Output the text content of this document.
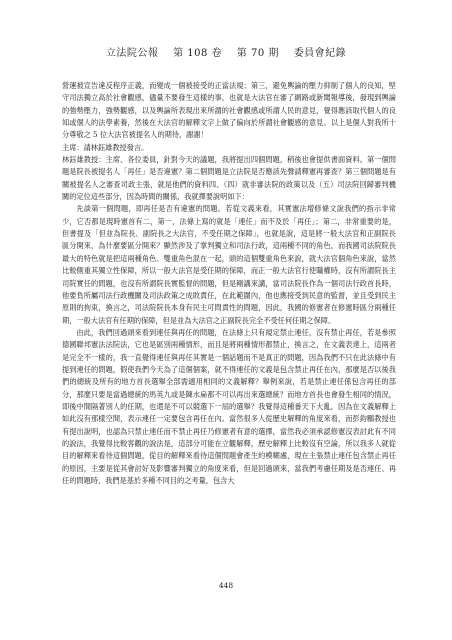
立法院公報 第 108 卷 第 70 期 委員會紀錄

營運被宣告違反程序正義，而變成一個被接受的正當法規；第三，避免輿論的壓力抑制了個人的良知，堅守司法獨立高於社會觀感，儘量不要發生這樣的事，也就是大法官在審了網路或新聞報導後，發現到輿論的強勢壓力，強勢觀感，以及輿論所表現出來所謂的社會觀感或所謂人民的意見，覺得應該取代個人的良知或個人的法學素養，然後在大法官的解釋文字上做了偏向於所謂社會觀感的意見。以上是個人對我所十分尊敬之 5 位大法官被提名人的期待，謝謝！

主席：請林鈺雄教授發言。

林鈺雄教授：主席、各位委員，針對今天的議題，我將提出四個問題，稍後也會提供書面資料。第一個問題是院長被提名人「再任」是否違憲？第二個問題是立法院是否應該先聲請釋憲再審查？第三個問題是有關被提名人之審查司政主張，就是他們的資料四、（四）就非審法院的政策以及（五）司法院回歸審判機關的定位這些部分，因為時間的關係，我就擇要說明如下：

先談第一個問題，即再任是否有違憲的問題。若從文義來看，其實憲法增修條文說我們的指示非常少，它否都是現時憲首有二，第一，法條上寫的就是「連任」而不及於「再任」；第二，非常重要的是，但書提及「但並為院長、副院長之大法官，不受任期之保障」，也就是說，這是將一般大法官和正副院長區分開來，為什麼要區分開來？顯然涉及了掌判獨立和司法行政，這兩種不同的角色，而我國司法院院長最大的特色就是把這兩種角色、雙重角色混在一起，頭的這個雙重角色來說，就大法官個角色來說，當然比較側重其獨立性保障，所以一般大法官是受任期的保障，而正一般大法官行使職權時，沒有所謂院長主司院實任的問題，也沒有所謂院長實監督的問題，但是剛講來講，當司法院長作為一個司法行政首長時，他要負所屬司法行政機關及司法政策之成敗責任，在此範圍內，他也應接受到民意的監督，並且受到民主原則的拘束，換言之，司法院院長本身有民主可問責性的問題，因此，我國的修憲者在修憲時區分兩種任期，一般大法官有任期的保障，但是並為大法官之正副院長完全不受任何任期之保障。

由此，我們回過頭來看到連任與再任的問題，在法條上只有規定禁止連任，沒有禁止再任，若是參照德國聯邦憲法法院法，它也是區別兩種情形，而且是將兩種情形都禁止，換言之，在文義表達上，這兩者是完全不一樣的，我一直覺得連任與再任其實是一個話題而不是真正的問題，因為我們不只在此法條中有提到連任的問題，假使我們今天為了這個個案，就不得連任的文義是包含禁止再任在內，那麼是否以後我們的總統及所有的地方首長選舉全部需適用相同的文義解釋？舉例來說，若是禁止連任係包含再任的部分，那麼只要是當過總統的馬英九或是陳水扁都不可以再出來選總統？而地方首長也會發生相同的情況，即後中間隔著別人的任期，也還是不可以競選下一屆的選舉？我覺得這種番天下大亂，因為在文義解釋上如此沒有那樣空間，表示連任一定要包含再任在內。當然很多人從歷史解釋的角度來看，而彭鈞鵬教授也有提出說明，也認為只禁止連任而不禁止再任乃修憲者有意的選擇，當然我必須承認修憲沒表討此有不同的說法，我覺得比較客觀的說法是，這部分可能在立觀解釋，歷史解釋上比較沒有空論，所以我多人就從目的解釋來看待這個問題，從目的解釋來看待這個問題會產生約模糊處，現在主張禁止連任包含禁止再任的原因，主要是從其會討好及影響審判獨立的角度來看，但是回過頭來，當我們考慮任期及是否連任、再任的問題時，我們是基於多種不同目的之考量，包含大

448
